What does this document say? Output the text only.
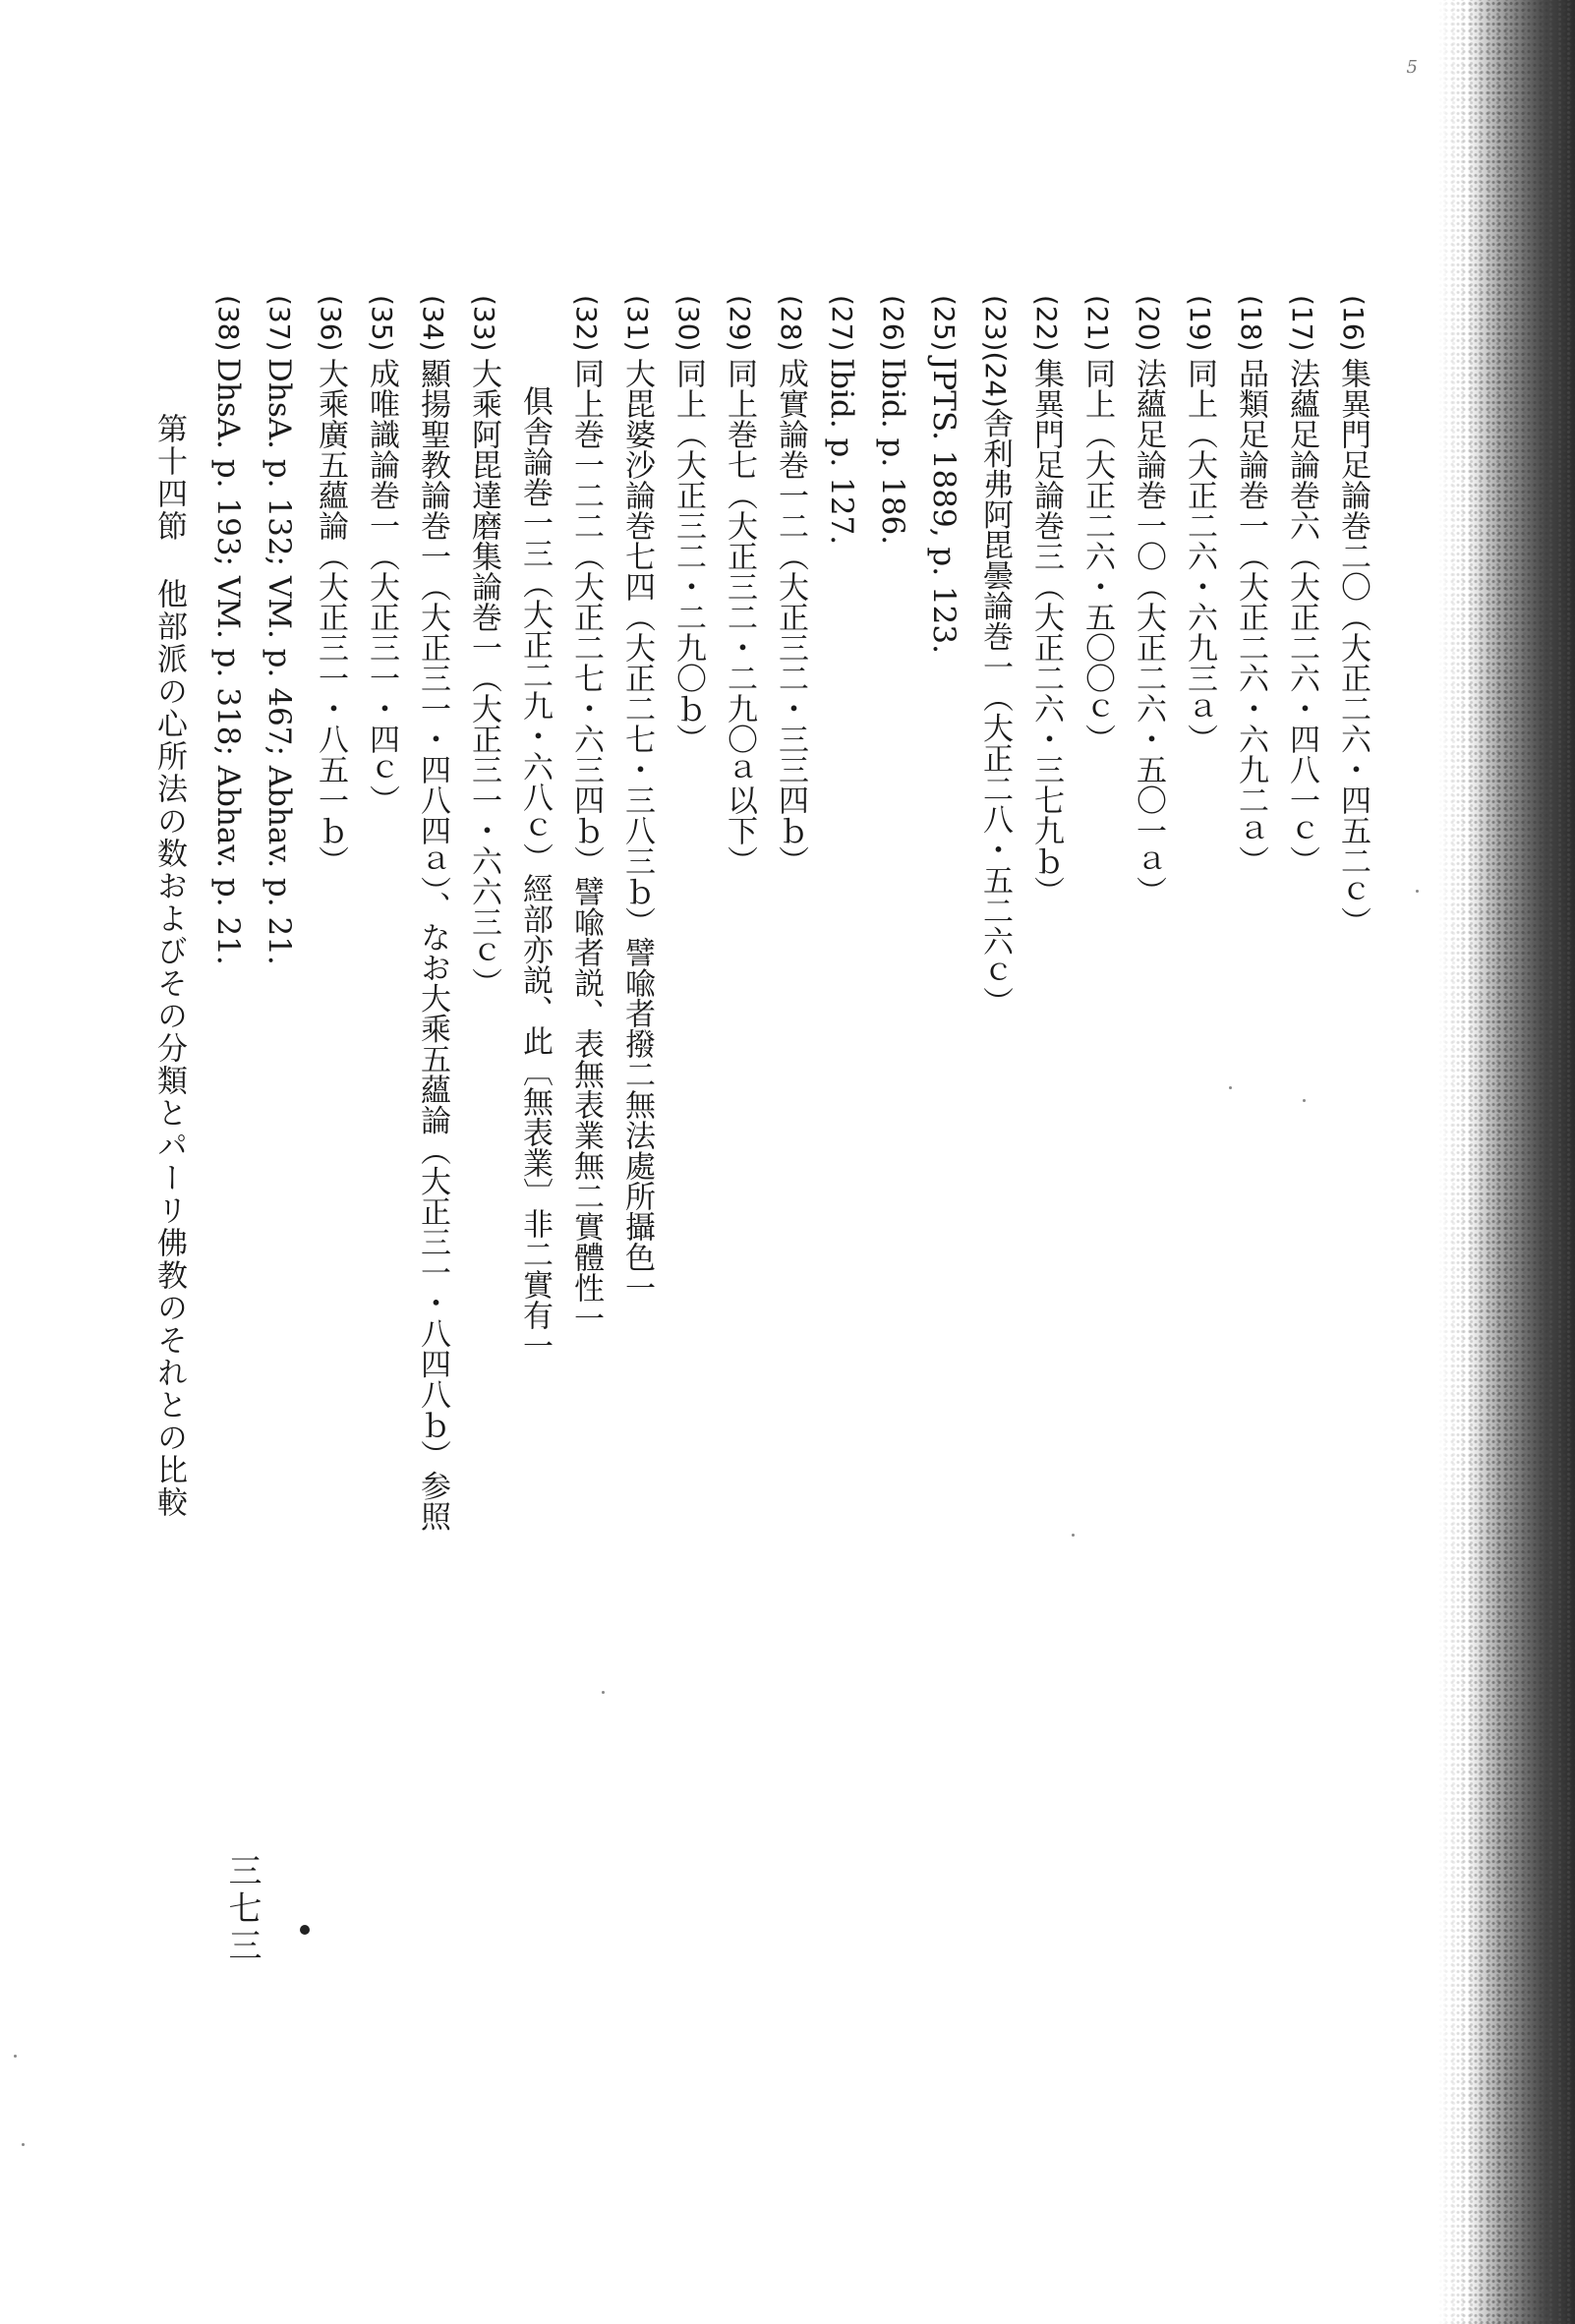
5

(16)集異門足論巻二〇（大正二六・四五二ｃ）

(17)法蘊足論巻六（大正二六・四八一ｃ）

(18)品類足論巻一（大正二六・六九二ａ）

(19)同上（大正二六・六九三ａ）

(20)法蘊足論巻一〇（大正二六・五〇一ａ）

(21)同上（大正二六・五〇〇ｃ）

(22)集異門足論巻三（大正二六・三七九ｂ）

(23)(24)舎利弗阿毘曇論巻一（大正二八・五二六ｃ）

(25)JPTS. 1889, p. 123.

(26)Ibid. p. 186.

(27)Ibid. p. 127.

(28)成實論巻一二（大正三二・三三四ｂ）

(29)同上巻七（大正三二・二九〇ａ以下）

(30)同上（大正三二・二九〇ｂ）

(31)大毘婆沙論巻七四（大正二七・三八三ｂ）譬喩者撥二無法處所攝色一

(32)同上巻一二二（大正二七・六三四ｂ）譬喩者説、表無表業無二實體性一

俱舎論巻一三（大正二九・六八ｃ）經部亦説、此〔無表業〕非二實有一

(33)大乘阿毘達磨集論巻一（大正三一・六六三ｃ）

(34)顯揚聖教論巻一（大正三一・四八四ａ）、なお大乘五蘊論（大正三一・八四八ｂ）参照

(35)成唯識論巻一（大正三一・四ｃ）

(36)大乘廣五蘊論（大正三一・八五一ｂ）

(37)DhsA. p. 132; VM. p. 467; Abhav. p. 21.

(38)DhsA. p. 193; VM. p. 318; Abhav. p. 21.

第十四節他部派の心所法の数およびその分類とパーリ佛教のそれとの比較
三七三
